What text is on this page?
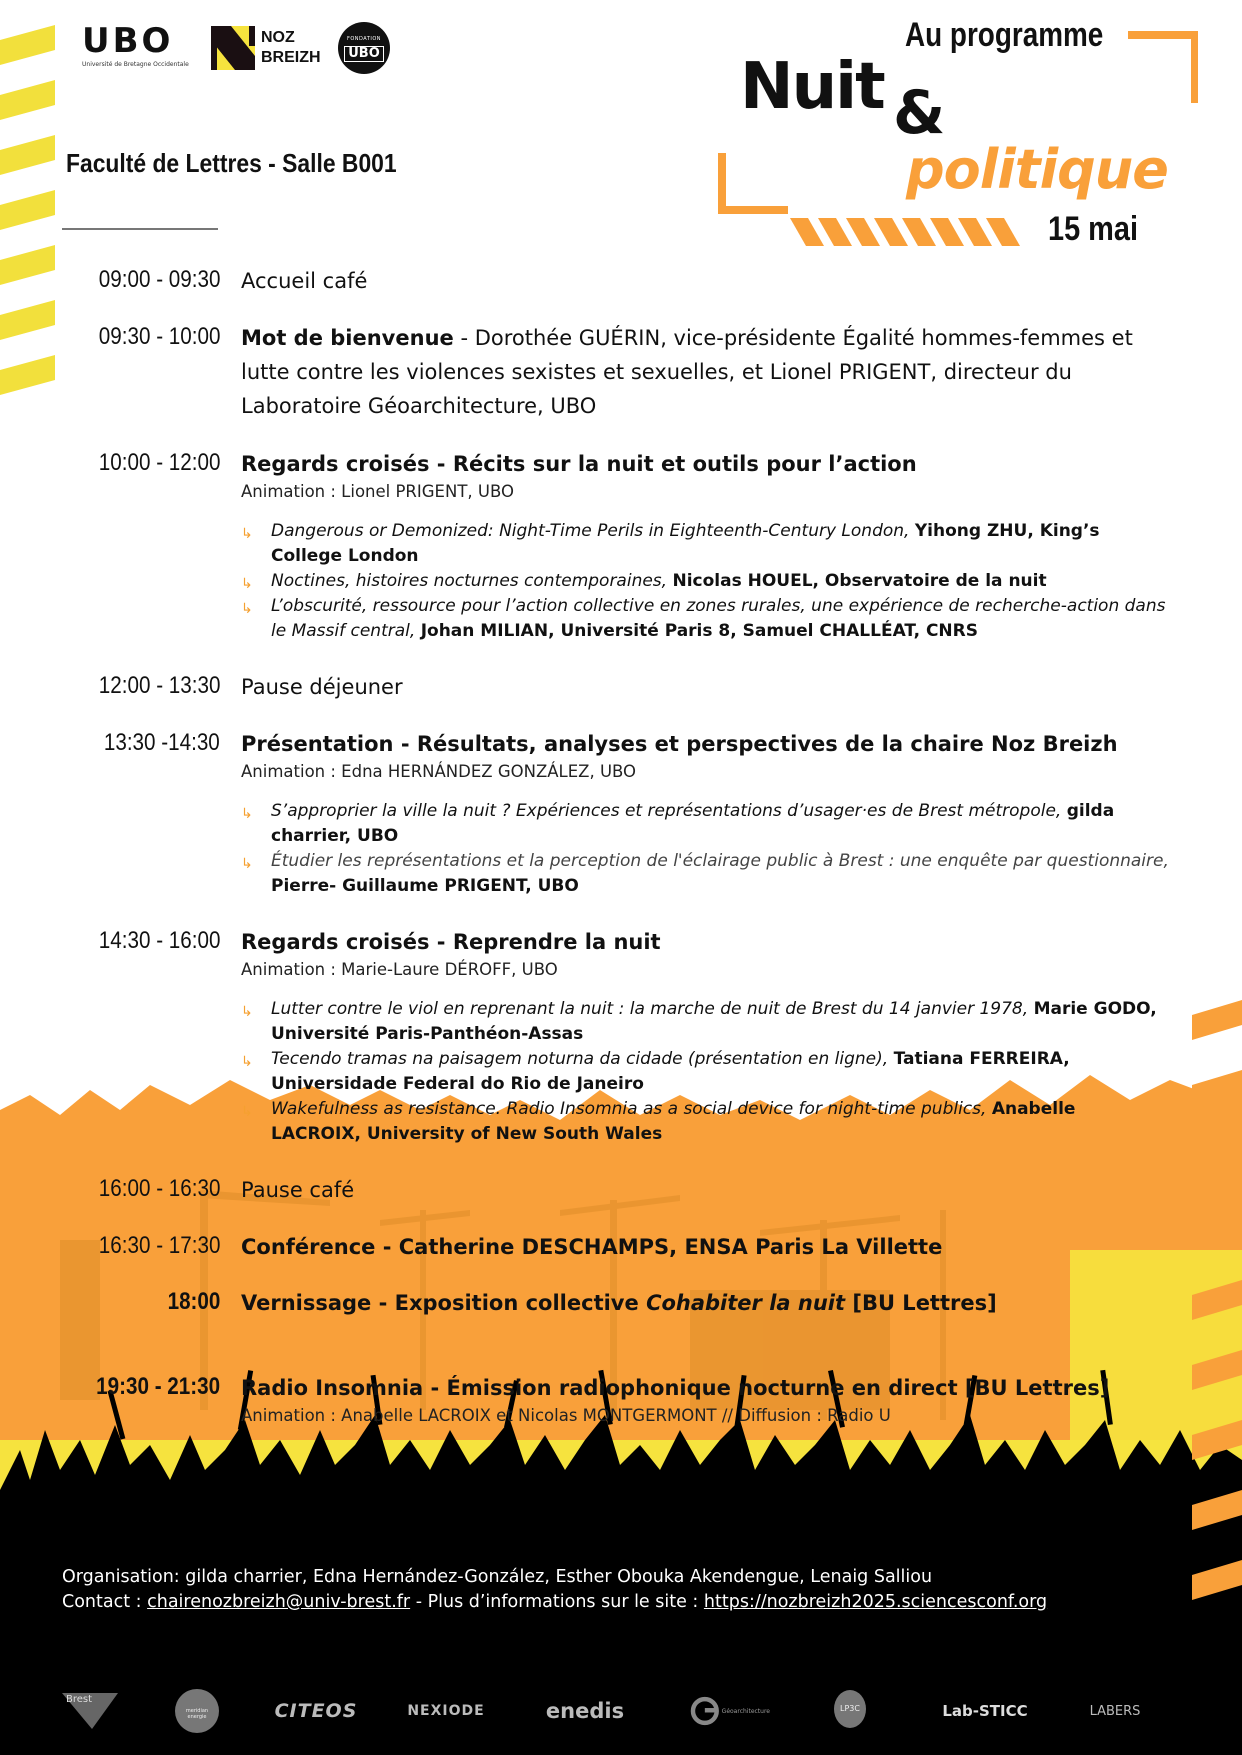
UBO
Université de Bretagne Occidentale
NOZ
BREIZH
FONDATION
UBO
Faculté de Lettres - Salle B001
Au programme
Nuit &
politique
15 mai
09:00 - 09:30 Accueil café
09:30 - 10:00 Mot de bienvenue - Dorothée GUÉRIN, vice-présidente Égalité hommes-femmes et lutte contre les violences sexistes et sexuelles, et Lionel PRIGENT, directeur du Laboratoire Géoarchitecture, UBO
10:00 - 12:00 Regards croisés - Récits sur la nuit et outils pour l’action
Animation : Lionel PRIGENT, UBO
↳ Dangerous or Demonized: Night-Time Perils in Eighteenth-Century London, Yihong ZHU, King’s College London
↳ Noctines, histoires nocturnes contemporaines, Nicolas HOUEL, Observatoire de la nuit
↳ L’obscurité, ressource pour l’action collective en zones rurales, une expérience de recherche-action dans le Massif central, Johan MILIAN, Université Paris 8, Samuel CHALLÉAT, CNRS
12:00 - 13:30 Pause déjeuner
13:30 -14:30 Présentation - Résultats, analyses et perspectives de la chaire Noz Breizh
Animation : Edna HERNÁNDEZ GONZÁLEZ, UBO
↳ S’approprier la ville la nuit ? Expériences et représentations d’usager·es de Brest métropole, gilda charrier, UBO
↳ Étudier les représentations et la perception de l'éclairage public à Brest : une enquête par questionnaire, Pierre- Guillaume PRIGENT, UBO
14:30 - 16:00 Regards croisés - Reprendre la nuit
Animation : Marie-Laure DÉROFF, UBO
↳ Lutter contre le viol en reprenant la nuit : la marche de nuit de Brest du 14 janvier 1978, Marie GODO, Université Paris-Panthéon-Assas
↳ Tecendo tramas na paisagem noturna da cidade (présentation en ligne), Tatiana FERREIRA, Universidade Federal do Rio de Janeiro
↳ Wakefulness as resistance. Radio Insomnia as a social device for night-time publics, Anabelle LACROIX, University of New South Wales
16:00 - 16:30 Pause café
16:30 - 17:30 Conférence - Catherine DESCHAMPS, ENSA Paris La Villette
18:00 Vernissage - Exposition collective Cohabiter la nuit [BU Lettres]
19:30 - 21:30 Radio Insomnia - Émission radiophonique nocturne en direct [BU Lettres]
Animation : Anabelle LACROIX et Nicolas MONTGERMONT // Diffusion : Radio U
Organisation: gilda charrier, Edna Hernández-González, Esther Obouka Akendengue, Lenaig Salliou
Contact : chairenozbreizh@univ-brest.fr - Plus d’informations sur le site : https://nozbreizh2025.sciencesconf.org
Brest
meridian energie	CITEOS	NEXIODE	enedis	Géoarchitecture	LP3C	Lab-STICC	LABERS
